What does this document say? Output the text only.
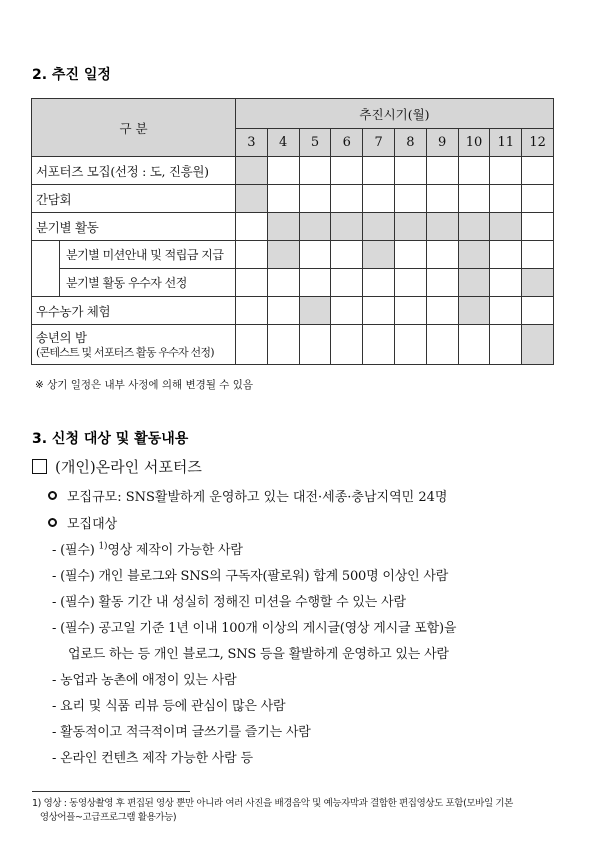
2. 추진 일정
구 분		추진시기(월)									
		3	4	5	6	7	8	9	10	11	12
서포터즈 모집(선정 : 도, 진흥원)											
간담회											
분기별 활동											
	분기별 미션안내 및 적립금 지급										
	분기별 활동 우수자 선정										
우수농가 체험											

송년의 밤
(콘테스트 및 서포터즈 활동 우수자 선정)											

※ 상기 일정은 내부 사정에 의해 변경될 수 있음
3. 신청 대상 및 활동내용
(개인)온라인 서포터즈
모집규모: SNS활발하게 운영하고 있는 대전·세종·충남지역민 24명
모집대상
- (필수) $^{1)}$영상 제작이 가능한 사람
- (필수) 개인 블로그와 SNS의 구독자(팔로워) 합계 500명 이상인 사람
- (필수) 활동 기간 내 성실히 정해진 미션을 수행할 수 있는 사람
- (필수) 공고일 기준 1년 이내 100개 이상의 게시글(영상 게시글 포함)을
업로드 하는 등 개인 블로그, SNS 등을 활발하게 운영하고 있는 사람
- 농업과 농촌에 애정이 있는 사람
- 요리 및 식품 리뷰 등에 관심이 많은 사람
- 활동적이고 적극적이며 글쓰기를 즐기는 사람
- 온라인 컨텐츠 제작 가능한 사람 등
1) 영상 : 동영상촬영 후 편집된 영상 뿐만 아니라 여러 사진을 배경음악 및 예능자막과 결합한 편집영상도 포함(모바일 기본
영상어플~고급프로그램 활용가능)
